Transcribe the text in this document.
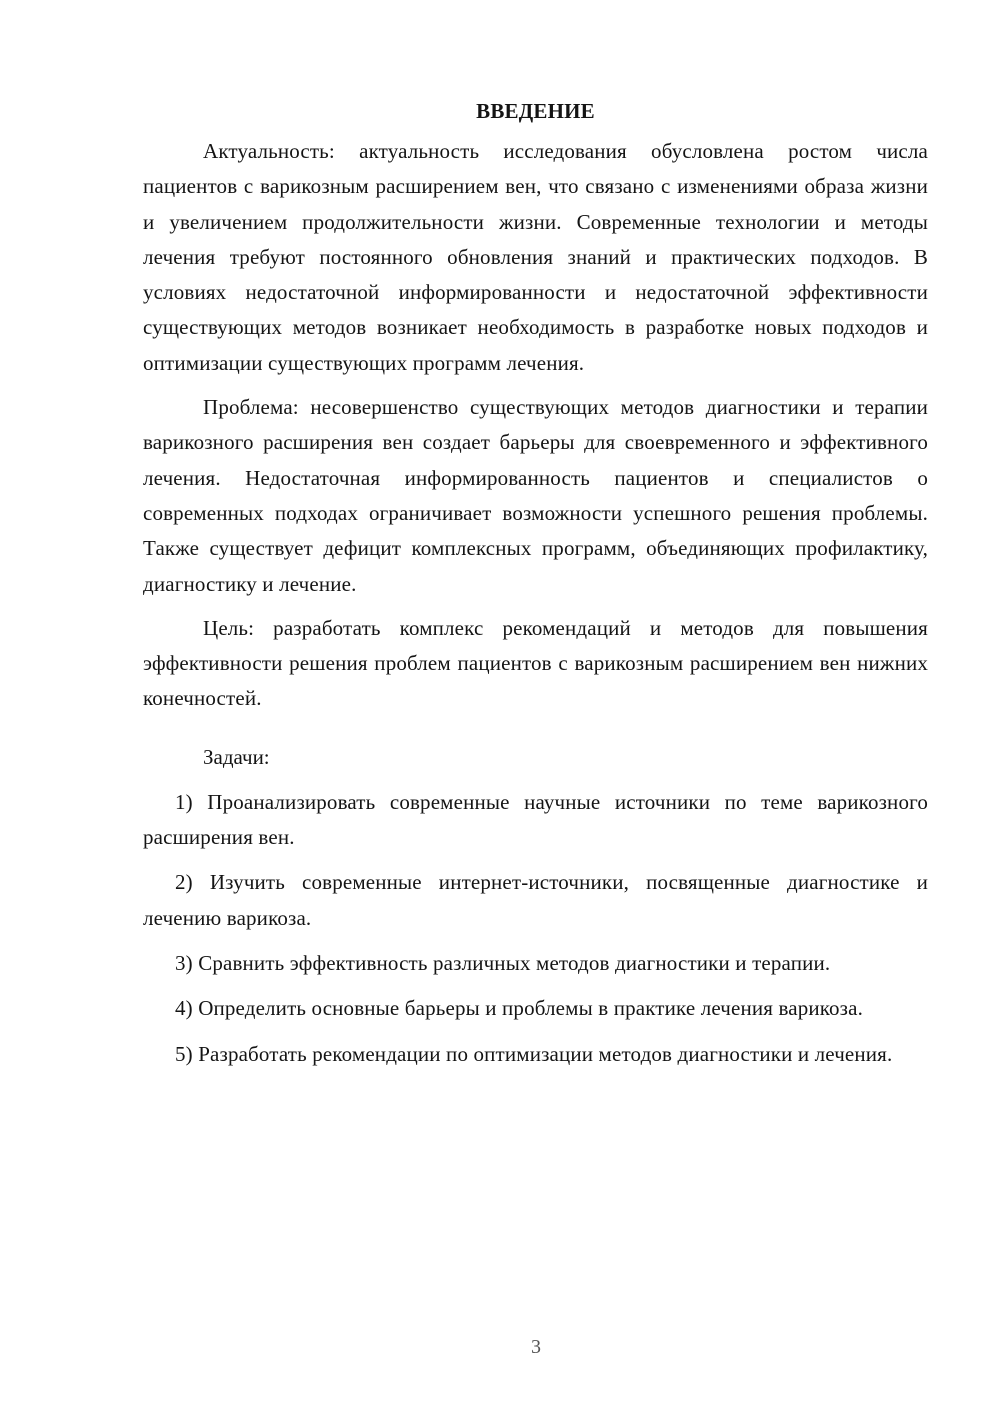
ВВЕДЕНИЕ

Актуальность: актуальность исследования обусловлена ростом числа пациентов с варикозным расширением вен, что связано с изменениями образа жизни и увеличением продолжительности жизни. Современные технологии и методы лечения требуют постоянного обновления знаний и практических подходов. В условиях недостаточной информированности и недостаточной эффективности существующих методов возникает необходимость в разработке новых подходов и оптимизации существующих программ лечения.

Проблема: несовершенство существующих методов диагностики и терапии варикозного расширения вен создает барьеры для своевременного и эффективного лечения. Недостаточная информированность пациентов и специалистов о современных подходах ограничивает возможности успешного решения проблемы. Также существует дефицит комплексных программ, объединяющих профилактику, диагностику и лечение.

Цель: разработать комплекс рекомендаций и методов для повышения эффективности решения проблем пациентов с варикозным расширением вен нижних конечностей.

Задачи:

1) Проанализировать современные научные источники по теме варикозного расширения вен.

2) Изучить современные интернет-источники, посвященные диагностике и лечению варикоза.

3) Сравнить эффективность различных методов диагностики и терапии.

4) Определить основные барьеры и проблемы в практике лечения варикоза.

5) Разработать рекомендации по оптимизации методов диагностики и лечения.

3
